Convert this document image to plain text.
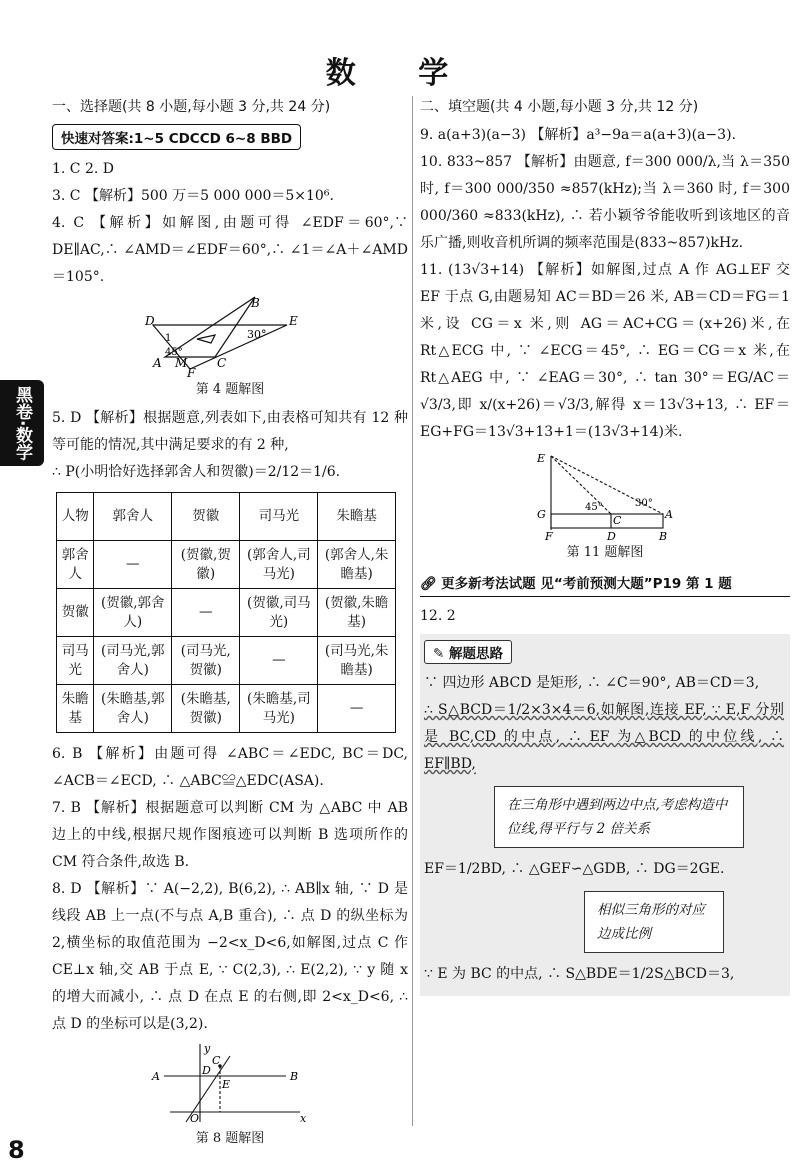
数 学
黑卷·数学
一、选择题(共 8 小题,每小题 3 分,共 24 分)
快速对答案:1~5 CDCCD 6~8 BBD
1. C 2. D
3. C 【解析】500 万＝5 000 000＝5×10⁶.
4. C 【解析】如解图,由题可得 ∠EDF＝60°,∵ DE∥AC,∴ ∠AMD＝∠EDF＝60°,∴ ∠1＝∠A＋∠AMD＝105°.
B
D	E
1
45°
30°
A M C
F
第 4 题解图
5. D 【解析】根据题意,列表如下,由表格可知共有 12 种等可能的情况,其中满足要求的有 2 种,
∴ P(小明恰好选择郭舍人和贺徽)＝2/12＝1/6.
人物	郭舍人	贺徽	司马光	朱瞻基
郭舍人	—	(贺徽,贺徽)	(郭舍人,司马光)	(郭舍人,朱瞻基)
贺徽	(贺徽,郭舍人)	—	(贺徽,司马光)	(贺徽,朱瞻基)
司马光	(司马光,郭舍人)	(司马光,贺徽)	—	(司马光,朱瞻基)
朱瞻基	(朱瞻基,郭舍人)	(朱瞻基,贺徽)	(朱瞻基,司马光)	—
6. B 【解析】由题可得 ∠ABC＝∠EDC, BC＝DC, ∠ACB＝∠ECD, ∴ △ABC≌△EDC(ASA).
7. B 【解析】根据题意可以判断 CM 为 △ABC 中 AB 边上的中线,根据尺规作图痕迹可以判断 B 选项所作的 CM 符合条件,故选 B.
8. D 【解析】∵ A(−2,2), B(6,2), ∴ AB∥x 轴, ∵ D 是线段 AB 上一点(不与点 A,B 重合), ∴ 点 D 的纵坐标为 2,横坐标的取值范围为 −2<x_D<6,如解图,过点 C 作 CE⊥x 轴,交 AB 于点 E, ∵ C(2,3), ∴ E(2,2), ∵ y 随 x 的增大而减小, ∴ 点 D 在点 E 的右侧,即 2<x_D<6, ∴ 点 D 的坐标可以是(3,2).
y
C
A	D
E
B
O	x
第 8 题解图
二、填空题(共 4 小题,每小题 3 分,共 12 分)
9. a(a+3)(a−3) 【解析】a³−9a＝a(a+3)(a−3).
10. 833~857 【解析】由题意, f＝300 000/λ,当 λ＝350 时, f＝300 000/350 ≈857(kHz);当 λ＝360 时, f＝300 000/360 ≈833(kHz), ∴ 若小颖爷爷能收听到该地区的音乐广播,则收音机所调的频率范围是(833~857)kHz.
11. (13√3+14) 【解析】如解图,过点 A 作 AG⊥EF 交 EF 于点 G,由题易知 AC＝BD＝26 米, AB＝CD＝FG＝1 米,设 CG＝x 米,则 AG＝AC+CG＝(x+26)米,在 Rt△ECG 中, ∵ ∠ECG＝45°, ∴ EG＝CG＝x 米,在 Rt△AEG 中, ∵ ∠EAG＝30°, ∴ tan 30°＝EG/AC＝√3/3,即 x/(x+26)＝√3/3,解得 x＝13√3+13, ∴ EF＝EG+FG＝13√3+13+1＝(13√3+14)米.
E
G
45°	30°
C	A
F	D	B
第 11 题解图
🔗︎ 更多新考法试题 见“考前预测大题”P19 第 1 题
12. 2
✎ 解题思路
∵ 四边形 ABCD 是矩形, ∴ ∠C＝90°, AB＝CD＝3,
∴ S△BCD＝1/2×3×4＝6,如解图,连接 EF, ∵ E,F 分别是 BC,CD 的中点, ∴ EF 为△BCD 的中位线, ∴ EF∥BD,
在三角形中遇到两边中点,考虑构造中位线,得平行与 2 倍关系
EF＝1/2BD, ∴ △GEF∽△GDB, ∴ DG＝2GE.
相似三角形的对应边成比例
∵ E 为 BC 的中点, ∴ S△BDE＝1/2S△BCD＝3,
8
